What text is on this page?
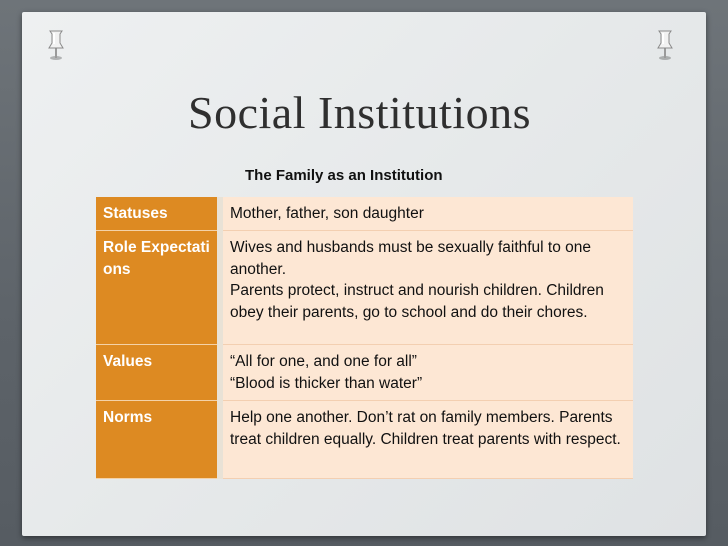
Social Institutions
The Family as an Institution
Statuses	Mother, father, son daughter

Role Expectations	Wives and husbands must be sexually faithful to one another.
Parents protect, instruct and nourish children. Children obey their parents, go to school and do their chores.

Values	“All for one, and one for all”
“Blood is thicker than water”

Norms	Help one another. Don’t rat on family members. Parents treat children equally. Children treat parents with respect.
